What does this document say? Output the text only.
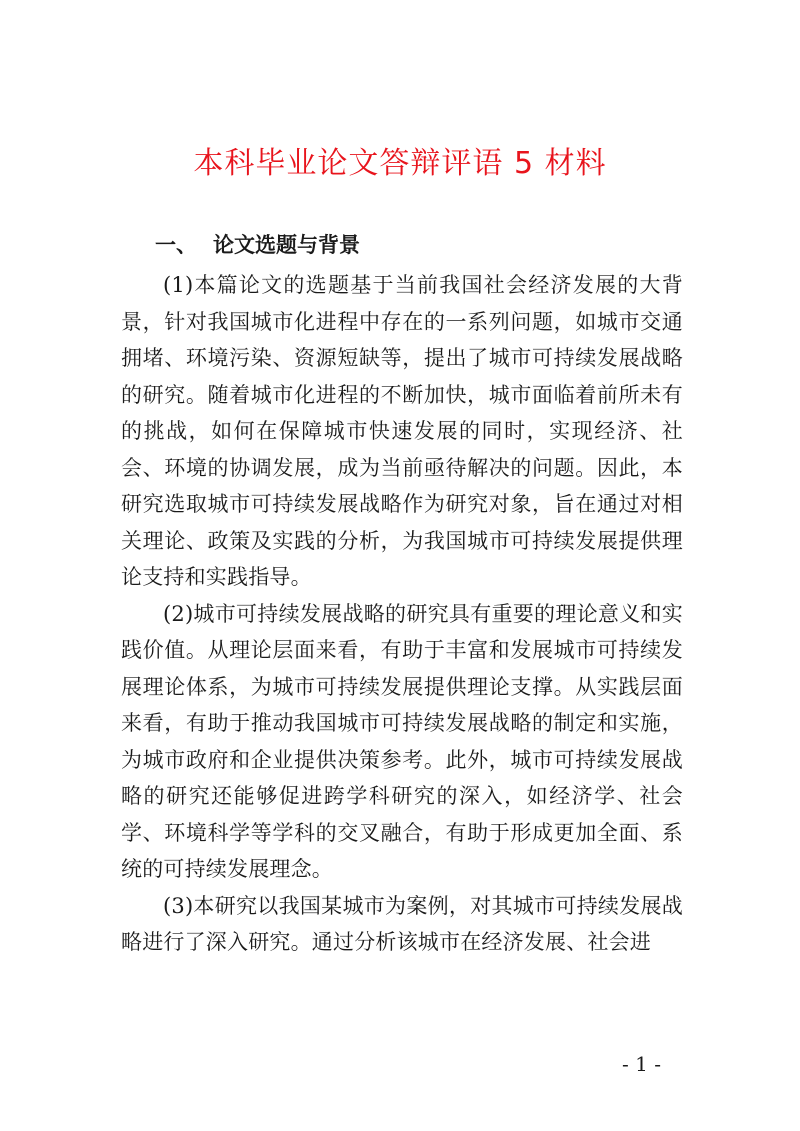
本科毕业论文答辩评语 5 材料
一、 论文选题与背景

(1)本篇论文的选题基于当前我国社会经济发展的大背景，针对我国城市化进程中存在的一系列问题，如城市交通拥堵、环境污染、资源短缺等，提出了城市可持续发展战略的研究。随着城市化进程的不断加快，城市面临着前所未有的挑战，如何在保障城市快速发展的同时，实现经济、社会、环境的协调发展，成为当前亟待解决的问题。因此，本研究选取城市可持续发展战略作为研究对象，旨在通过对相关理论、政策及实践的分析，为我国城市可持续发展提供理论支持和实践指导。

(2)城市可持续发展战略的研究具有重要的理论意义和实践价值。从理论层面来看，有助于丰富和发展城市可持续发展理论体系，为城市可持续发展提供理论支撑。从实践层面来看，有助于推动我国城市可持续发展战略的制定和实施，为城市政府和企业提供决策参考。此外，城市可持续发展战略的研究还能够促进跨学科研究的深入，如经济学、社会学、环境科学等学科的交叉融合，有助于形成更加全面、系统的可持续发展理念。

(3)本研究以我国某城市为案例，对其城市可持续发展战略进行了深入研究。通过分析该城市在经济发展、社会进

- 1 -
